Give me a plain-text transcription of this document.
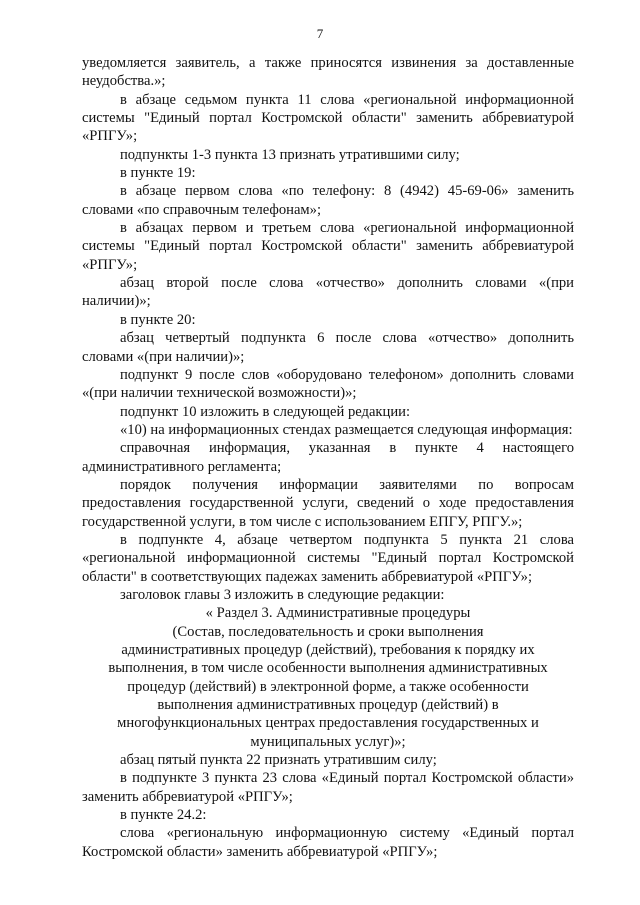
7

уведомляется заявитель, а также приносятся извинения за доставленные неудобства.»;

в абзаце седьмом пункта 11 слова «региональной информационной системы "Единый портал Костромской области" заменить аббревиатурой «РПГУ»;

подпункты 1-3 пункта 13 признать утратившими силу;

в пункте 19:

в абзаце первом слова «по телефону: 8 (4942) 45-69-06» заменить словами «по справочным телефонам»;

в абзацах первом и третьем слова «региональной информационной системы "Единый портал Костромской области" заменить аббревиатурой «РПГУ»;

абзац второй после слова «отчество» дополнить словами «(при наличии)»;

в пункте 20:

абзац четвертый подпункта 6 после слова «отчество» дополнить словами «(при наличии)»;

подпункт 9 после слов «оборудовано телефоном» дополнить словами «(при наличии технической возможности)»;

подпункт 10 изложить в следующей редакции:

«10) на информационных стендах размещается следующая информация:

справочная информация, указанная в пункте 4 настоящего административного регламента;

порядок получения информации заявителями по вопросам предоставления государственной услуги, сведений о ходе предоставления государственной услуги, в том числе с использованием ЕПГУ, РПГУ.»;

в подпункте 4, абзаце четвертом подпункта 5 пункта 21 слова «региональной информационной системы "Единый портал Костромской области" в соответствующих падежах заменить аббревиатурой «РПГУ»;

заголовок главы 3 изложить в следующие редакции:

« Раздел 3. Административные процедуры

(Состав, последовательность и сроки выполнения

административных процедур (действий), требования к порядку их

выполнения, в том числе особенности выполнения административных

процедур (действий) в электронной форме, а также особенности

выполнения административных процедур (действий) в

многофункциональных центрах предоставления государственных и

муниципальных услуг)»;

абзац пятый пункта 22 признать утратившим силу;

в подпункте 3 пункта 23 слова «Единый портал Костромской области» заменить аббревиатурой «РПГУ»;

в пункте 24.2:

слова «региональную информационную систему «Единый портал Костромской области» заменить аббревиатурой «РПГУ»;
